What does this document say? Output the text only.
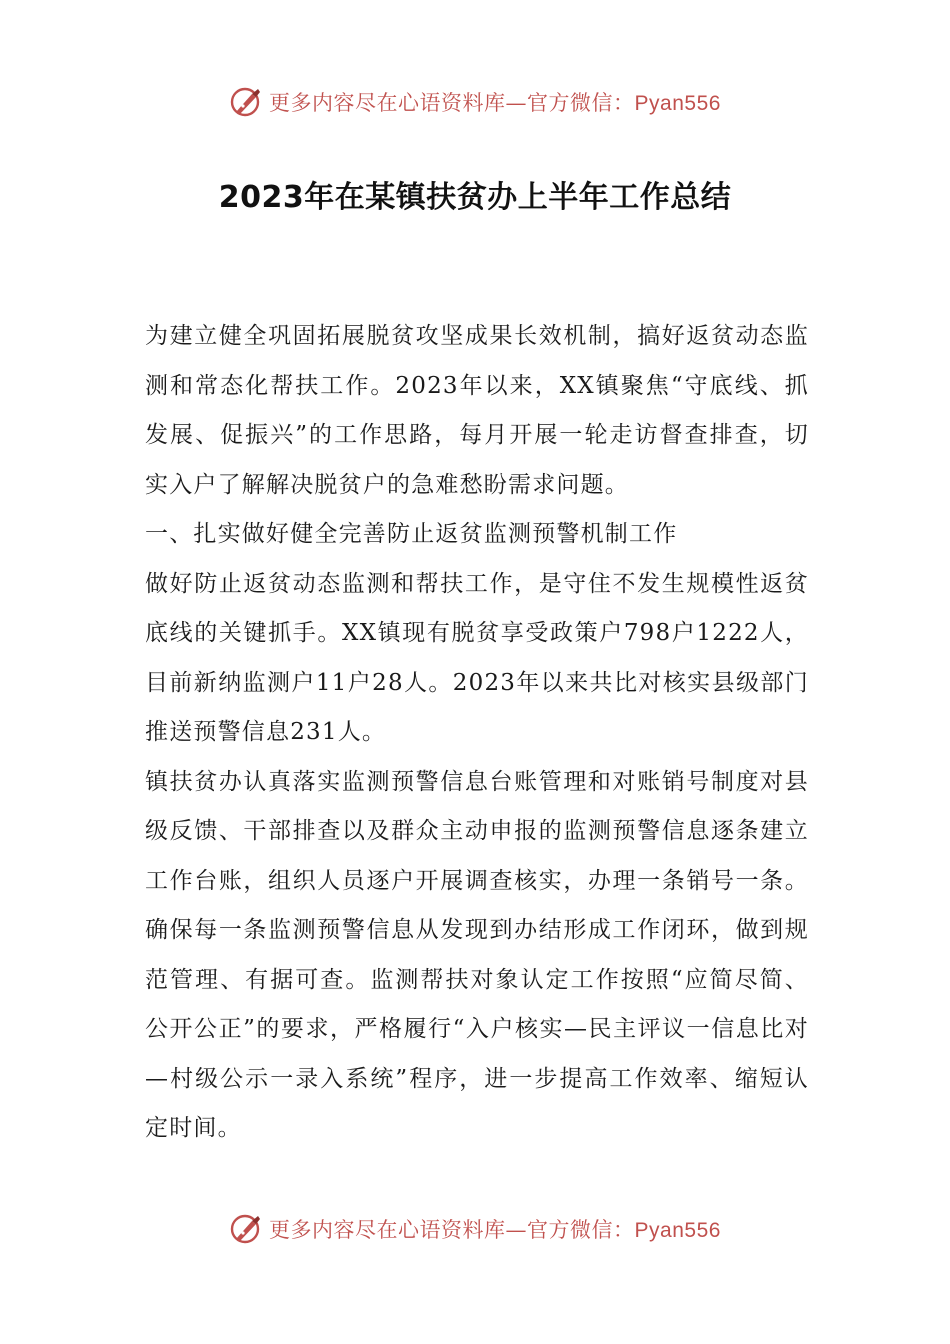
更多内容尽在心语资料库—官方微信：Pyan556
2023年在某镇扶贫办上半年工作总结

为建立健全巩固拓展脱贫攻坚成果长效机制，搞好返贫动态监测和常态化帮扶工作。2023年以来，XX镇聚焦“守底线、抓发展、促振兴”的工作思路，每月开展一轮走访督查排查，切实入户了解解决脱贫户的急难愁盼需求问题。

一、扎实做好健全完善防止返贫监测预警机制工作

做好防止返贫动态监测和帮扶工作，是守住不发生规模性返贫底线的关键抓手。XX镇现有脱贫享受政策户798户1222人，目前新纳监测户11户28人。2023年以来共比对核实县级部门推送预警信息231人。

镇扶贫办认真落实监测预警信息台账管理和对账销号制度对县级反馈、干部排查以及群众主动申报的监测预警信息逐条建立工作台账，组织人员逐户开展调查核实，办理一条销号一条。确保每一条监测预警信息从发现到办结形成工作闭环，做到规范管理、有据可查。监测帮扶对象认定工作按照“应简尽简、公开公正”的要求，严格履行“入户核实—民主评议一信息比对—村级公示一录入系统”程序，进一步提高工作效率、缩短认定时间。

更多内容尽在心语资料库—官方微信：Pyan556
